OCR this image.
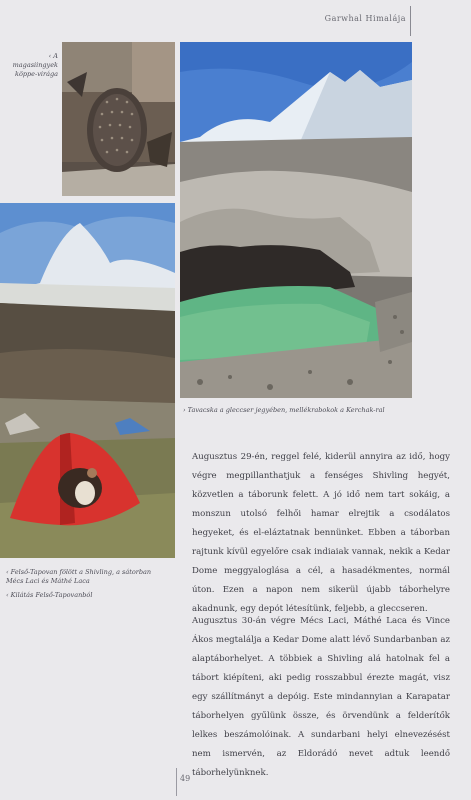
Garwhal Himalája
‹ A magasiingyek köppe-virága
‹ Felső-Tapovan fölött a Shivling, a sátorban Mécs Laci és Máthé Laca
‹ Kilátás Felső-Tapovanból
› Tavacska a gleccser jegyében, mellékrabokok a Kerchak-ral
Augusztus 29-én, reggel felé, kiderül annyira az idő, hogy végre megpillanthatjuk a fenséges Shivling hegyét, közvetlen a táborunk felett. A jó idő nem tart sokáig, a monszun utolsó felhői hamar elrejtik a csodálatos hegyeket, és el-eláztatnak bennünket. Ebben a táborban rajtunk kívül egyelőre csak indiaiak vannak, nekik a Kedar Dome meggyaloglása a cél, a hasadékmentes, normál úton. Ezen a napon nem sikerül újabb táborhelyre akadnunk, egy depót létesítünk, feljebb, a gleccseren.
Augusztus 30-án végre Mécs Laci, Máthé Laca és Vince Ákos megtalálja a Kedar Dome alatt lévő Sundarbanban az alaptáborhelyet. A többiek a Shivling alá hatolnak fel a tábort kiépíteni, aki pedig rosszabbul érezte magát, visz egy szállítmányt a depóig. Este mindannyian a Karapatar táborhelyen gyűlünk össze, és örvendünk a felderítők lelkes beszámolóinak. A sundarbani helyi elnevezésést nem ismervén, az Eldorádó nevet adtuk leendő táborhelyünknek.
49
